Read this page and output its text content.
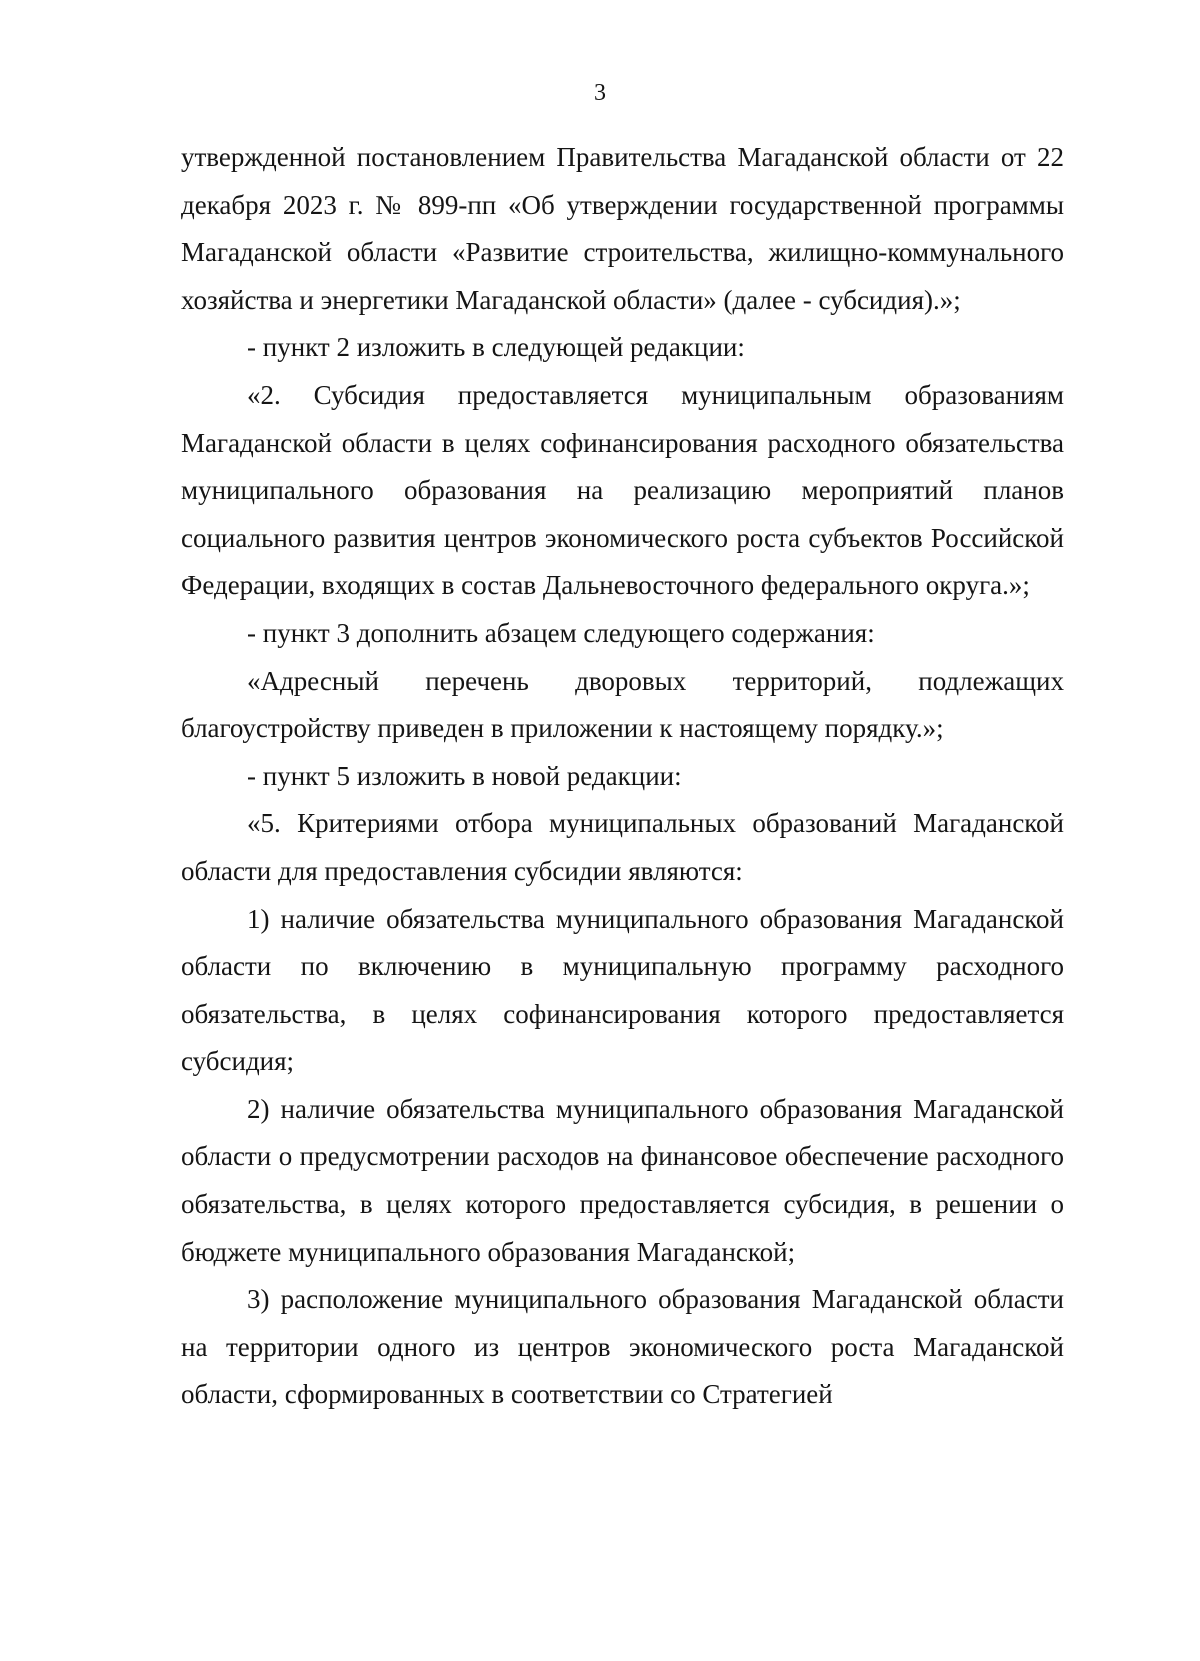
3

утвержденной постановлением Правительства Магаданской области от 22 декабря 2023 г. № 899-пп «Об утверждении государственной программы Магаданской области «Развитие строительства, жилищно-коммунального хозяйства и энергетики Магаданской области» (далее - субсидия).»;

- пункт 2 изложить в следующей редакции:

«2. Субсидия предоставляется муниципальным образованиям Магаданской области в целях софинансирования расходного обязательства муниципального образования на реализацию мероприятий планов социального развития центров экономического роста субъектов Российской Федерации, входящих в состав Дальневосточного федерального округа.»;

- пункт 3 дополнить абзацем следующего содержания:

«Адресный перечень дворовых территорий, подлежащих благоустройству приведен в приложении к настоящему порядку.»;

- пункт 5 изложить в новой редакции:

«5. Критериями отбора муниципальных образований Магаданской области для предоставления субсидии являются:

1) наличие обязательства муниципального образования Магаданской области по включению в муниципальную программу расходного обязательства, в целях софинансирования которого предоставляется субсидия;

2) наличие обязательства муниципального образования Магаданской области о предусмотрении расходов на финансовое обеспечение расходного обязательства, в целях которого предоставляется субсидия, в решении о бюджете муниципального образования Магаданской;

3) расположение муниципального образования Магаданской области на территории одного из центров экономического роста Магаданской области, сформированных в соответствии со Стратегией
